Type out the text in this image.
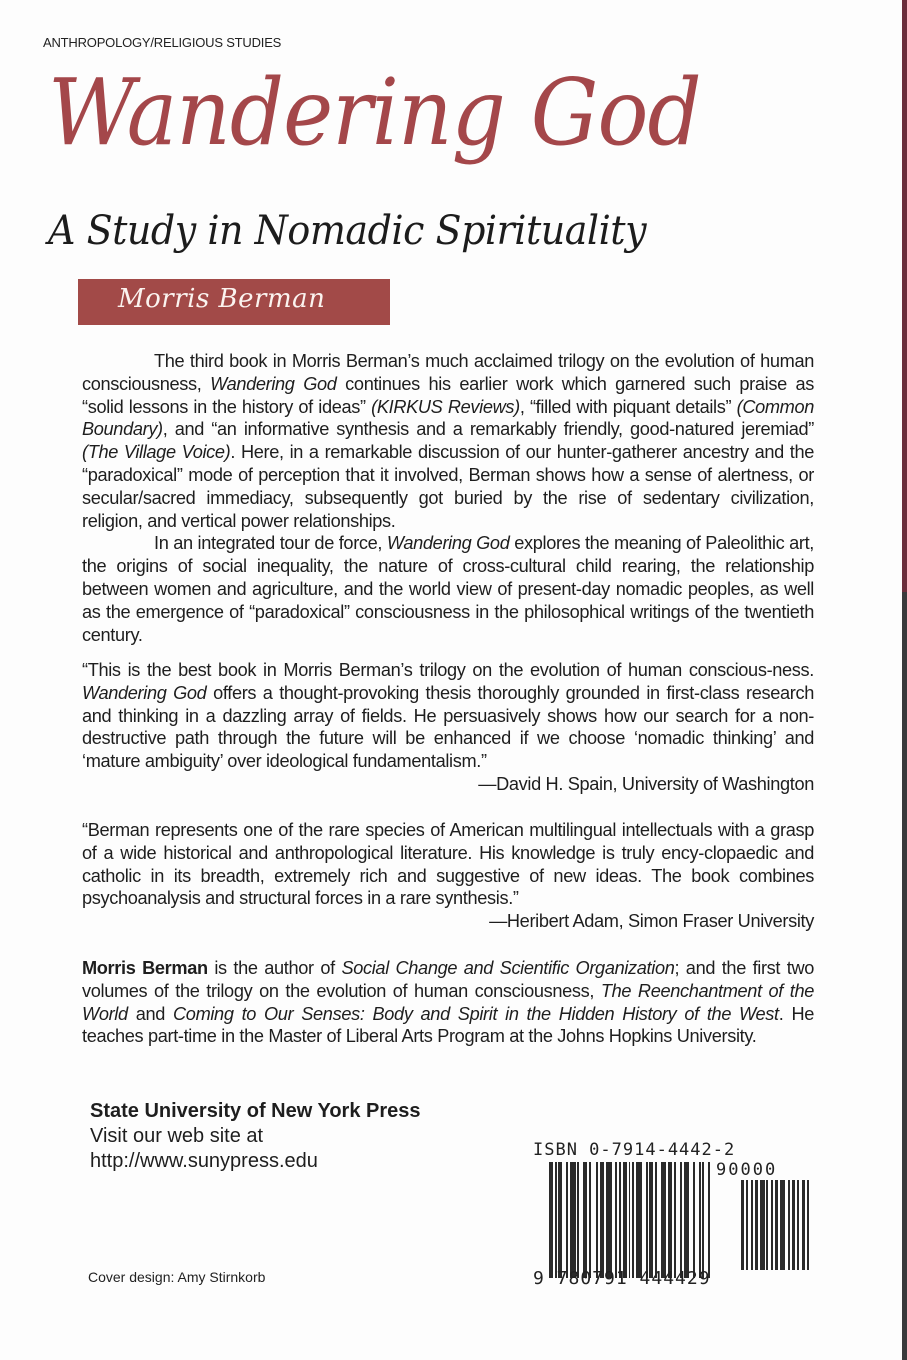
ANTHROPOLOGY/RELIGIOUS STUDIES
Wandering God
A Study in Nomadic Spirituality
Morris Berman

The third book in Morris Berman’s much acclaimed trilogy on the evolution of human consciousness, Wandering God continues his earlier work which garnered such praise as “solid lessons in the history of ideas” (KIRKUS Reviews), “filled with piquant details” (Common Boundary), and “an informative synthesis and a remarkably friendly, good-natured jeremiad” (The Village Voice). Here, in a remarkable discussion of our hunter-gatherer ancestry and the “paradoxical” mode of perception that it involved, Berman shows how a sense of alertness, or secular/sacred immediacy, subsequently got buried by the rise of sedentary civilization, religion, and vertical power relationships.

In an integrated tour de force, Wandering God explores the meaning of Paleolithic art, the origins of social inequality, the nature of cross-cultural child rearing, the relationship between women and agriculture, and the world view of present-day nomadic peoples, as well as the emergence of “paradoxical” consciousness in the philosophical writings of the twentieth century.

“This is the best book in Morris Berman’s trilogy on the evolution of human conscious-ness. Wandering God offers a thought-provoking thesis thoroughly grounded in first-class research and thinking in a dazzling array of fields. He persuasively shows how our search for a non-destructive path through the future will be enhanced if we choose ‘nomadic thinking’ and ‘mature ambiguity’ over ideological fundamentalism.”

—David H. Spain, University of Washington

“Berman represents one of the rare species of American multilingual intellectuals with a grasp of a wide historical and anthropological literature. His knowledge is truly ency-clopaedic and catholic in its breadth, extremely rich and suggestive of new ideas. The book combines psychoanalysis and structural forces in a rare synthesis.”

—Heribert Adam, Simon Fraser University

Morris Berman is the author of Social Change and Scientific Organization; and the first two volumes of the trilogy on the evolution of human consciousness, The Reenchantment of the World and Coming to Our Senses: Body and Spirit in the Hidden History of the West. He teaches part-time in the Master of Liberal Arts Program at the Johns Hopkins University.

State University of New York Press
Visit our web site at
http://www.sunypress.edu
Cover design: Amy Stirnkorb
ISBN 0-7914-4442-2
90000
9 780791 444429
